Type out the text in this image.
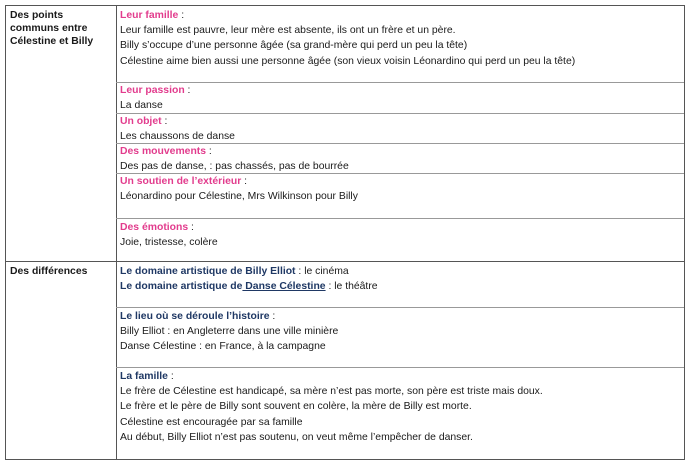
Des points communs entre Célestine et Billy
Des différences
Leur famille :
Leur famille est pauvre, leur mère est absente, ils ont un frère et un père.
Billy s’occupe d’une personne âgée (sa grand-mère qui perd un peu la tête)
Célestine aime bien aussi une personne âgée (son vieux voisin Léonardino qui perd un peu la tête)
Leur passion :
La danse
Un objet :
Les chaussons de danse
Des mouvements :
Des pas de danse, : pas chassés, pas de bourrée
Un soutien de l’extérieur :
Léonardino pour Célestine, Mrs Wilkinson pour Billy
Des émotions :
Joie, tristesse, colère
Le domaine artistique de Billy Elliot : le cinéma
Le domaine artistique de Danse Célestine : le théâtre
Le lieu où se déroule l’histoire :
Billy Elliot : en Angleterre dans une ville minière
Danse Célestine : en France, à la campagne
La famille :
Le frère de Célestine est handicapé, sa mère n’est pas morte, son père est triste mais doux.
Le frère et le père de Billy sont souvent en colère, la mère de Billy est morte.
Célestine est encouragée par sa famille
Au début, Billy Elliot n’est pas soutenu, on veut même l’empêcher de danser.
